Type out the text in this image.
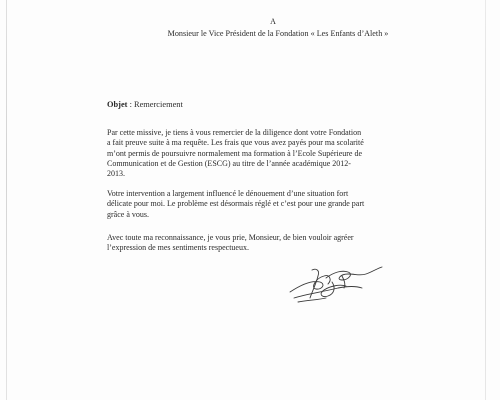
A
Monsieur le Vice Président de la Fondation « Les Enfants d’Aleth »
Objet : Remerciement
Par cette missive, je tiens à vous remercier de la diligence dont votre Fondation
a fait preuve suite à ma requête. Les frais que vous avez payés pour ma scolarité
m’ont permis de poursuivre normalement ma formation à l’Ecole Supérieure de
Communication et de Gestion (ESCG) au titre de l’année académique 2012-
2013.
Votre intervention a largement influencé le dénouement d’une situation fort
délicate pour moi. Le problème est désormais réglé et c’est pour une grande part
grâce à vous.
Avec toute ma reconnaissance, je vous prie, Monsieur, de bien vouloir agréer
l’expression de mes sentiments respectueux.
